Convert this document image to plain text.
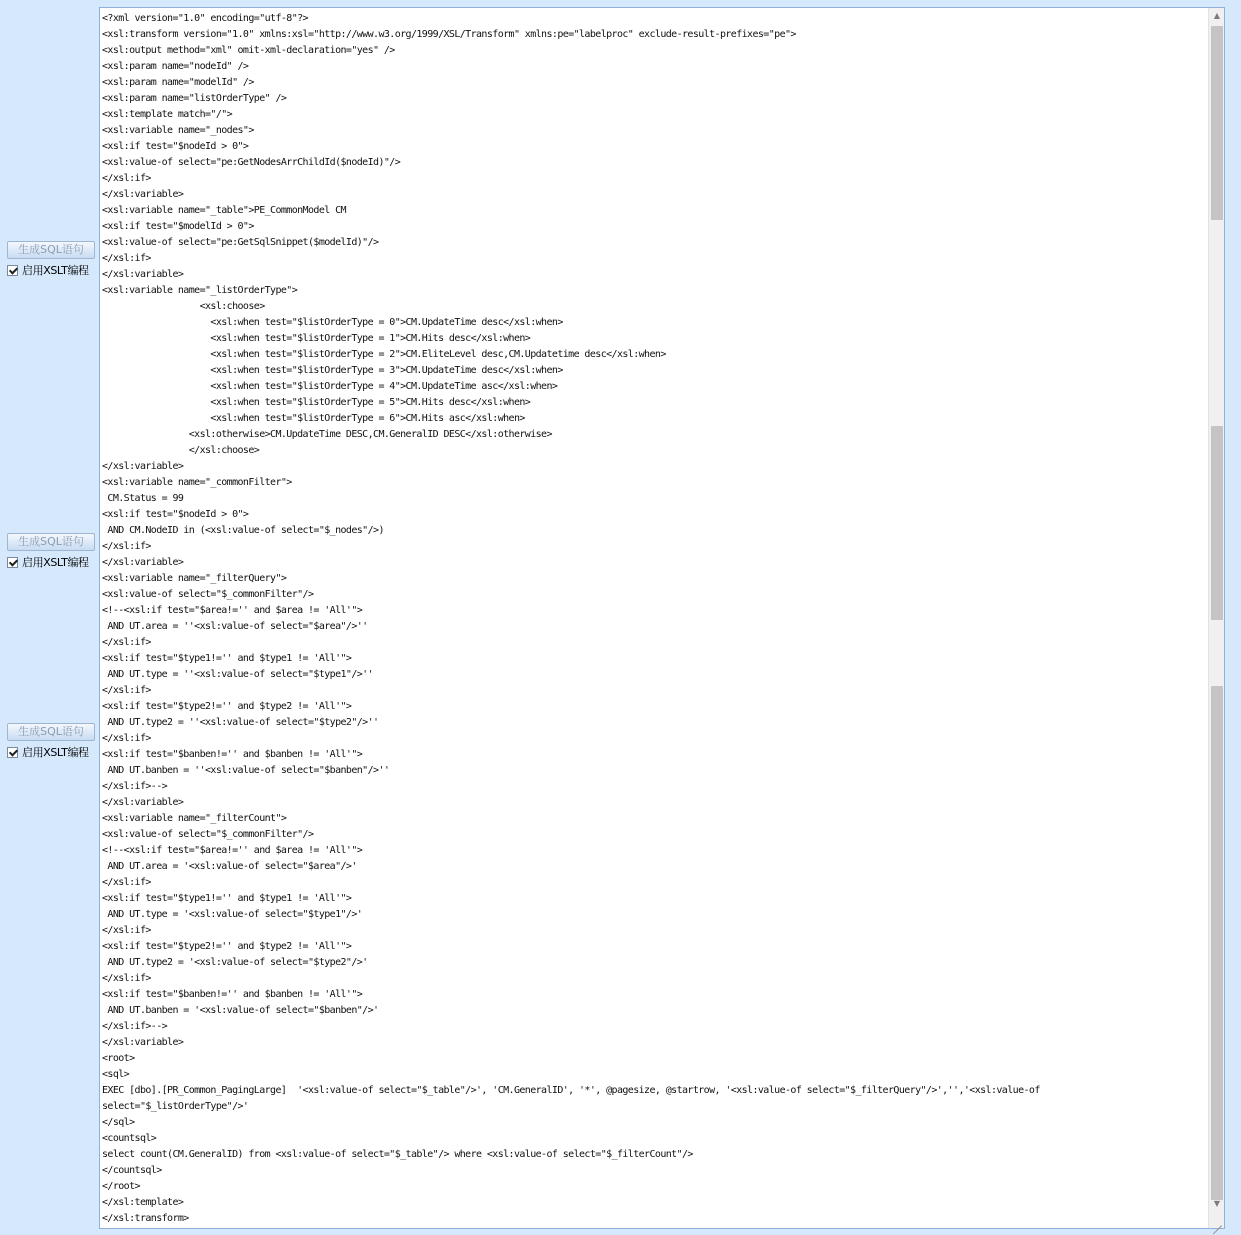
生成SQL语句
启用XSLT编程
生成SQL语句
启用XSLT编程
生成SQL语句
启用XSLT编程
<?xml version="1.0" encoding="utf-8"?>
<xsl:transform version="1.0" xmlns:xsl="http://www.w3.org/1999/XSL/Transform" xmlns:pe="labelproc" exclude-result-prefixes="pe">
<xsl:output method="xml" omit-xml-declaration="yes" />
<xsl:param name="nodeId" />
<xsl:param name="modelId" />
<xsl:param name="listOrderType" />
<xsl:template match="/">
<xsl:variable name="_nodes">
<xsl:if test="$nodeId > 0">
<xsl:value-of select="pe:GetNodesArrChildId($nodeId)"/>
</xsl:if>
</xsl:variable>
<xsl:variable name="_table">PE_CommonModel CM
<xsl:if test="$modelId > 0">
<xsl:value-of select="pe:GetSqlSnippet($modelId)"/>
</xsl:if>
</xsl:variable>
<xsl:variable name="_listOrderType">
<xsl:choose>
<xsl:when test="$listOrderType = 0">CM.UpdateTime desc</xsl:when>
<xsl:when test="$listOrderType = 1">CM.Hits desc</xsl:when>
<xsl:when test="$listOrderType = 2">CM.EliteLevel desc,CM.Updatetime desc</xsl:when>
<xsl:when test="$listOrderType = 3">CM.UpdateTime desc</xsl:when>
<xsl:when test="$listOrderType = 4">CM.UpdateTime asc</xsl:when>
<xsl:when test="$listOrderType = 5">CM.Hits desc</xsl:when>
<xsl:when test="$listOrderType = 6">CM.Hits asc</xsl:when>
<xsl:otherwise>CM.UpdateTime DESC,CM.GeneralID DESC</xsl:otherwise>
</xsl:choose>
</xsl:variable>
<xsl:variable name="_commonFilter">
CM.Status = 99
<xsl:if test="$nodeId > 0">
AND CM.NodeID in (<xsl:value-of select="$_nodes"/>)
</xsl:if>
</xsl:variable>
<xsl:variable name="_filterQuery">
<xsl:value-of select="$_commonFilter"/>
<!--<xsl:if test="$area!='' and $area != 'All'">
AND UT.area = ''<xsl:value-of select="$area"/>''
</xsl:if>
<xsl:if test="$type1!='' and $type1 != 'All'">
AND UT.type = ''<xsl:value-of select="$type1"/>''
</xsl:if>
<xsl:if test="$type2!='' and $type2 != 'All'">
AND UT.type2 = ''<xsl:value-of select="$type2"/>''
</xsl:if>
<xsl:if test="$banben!='' and $banben != 'All'">
AND UT.banben = ''<xsl:value-of select="$banben"/>''
</xsl:if>-->
</xsl:variable>
<xsl:variable name="_filterCount">
<xsl:value-of select="$_commonFilter"/>
<!--<xsl:if test="$area!='' and $area != 'All'">
AND UT.area = '<xsl:value-of select="$area"/>'
</xsl:if>
<xsl:if test="$type1!='' and $type1 != 'All'">
AND UT.type = '<xsl:value-of select="$type1"/>'
</xsl:if>
<xsl:if test="$type2!='' and $type2 != 'All'">
AND UT.type2 = '<xsl:value-of select="$type2"/>'
</xsl:if>
<xsl:if test="$banben!='' and $banben != 'All'">
AND UT.banben = '<xsl:value-of select="$banben"/>'
</xsl:if>-->
</xsl:variable>
<root>
<sql>
EXEC [dbo].[PR_Common_PagingLarge]  '<xsl:value-of select="$_table"/>', 'CM.GeneralID', '*', @pagesize, @startrow, '<xsl:value-of select="$_filterQuery"/>','','<xsl:value-of
select="$_listOrderType"/>'
</sql>
<countsql>
select count(CM.GeneralID) from <xsl:value-of select="$_table"/> where <xsl:value-of select="$_filterCount"/>
</countsql>
</root>
</xsl:template>
</xsl:transform>
▲
▼
